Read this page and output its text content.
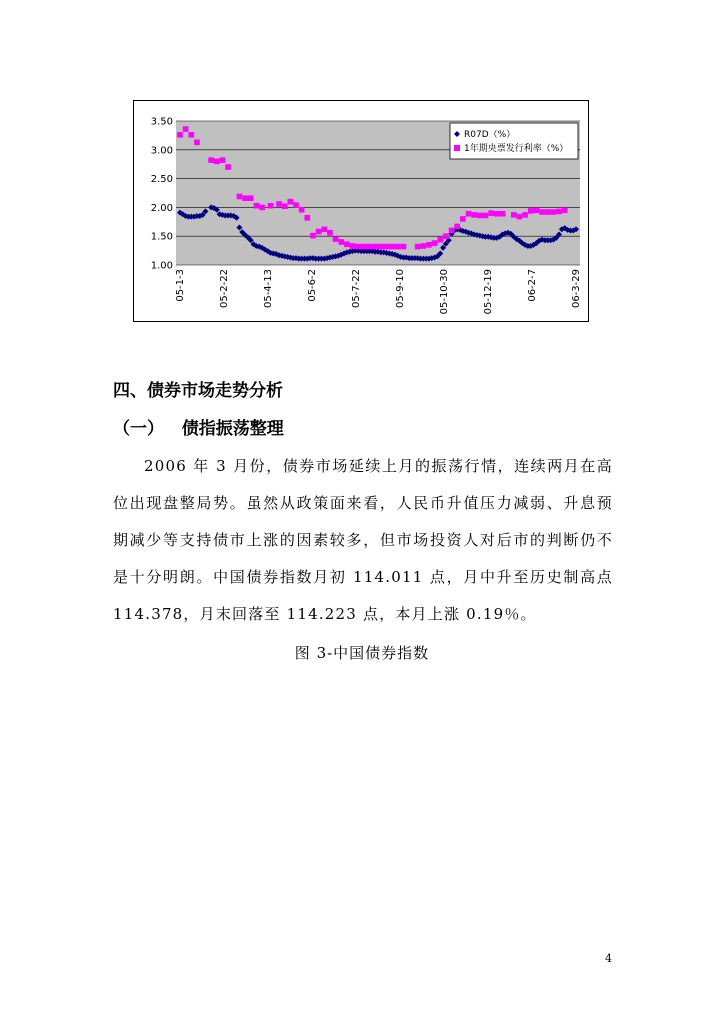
3.50
3.00
2.50
2.00
1.50
1.00
05-1-3	05-2-22	05-4-13	05-6-2	05-7-22	05-9-10	05-10-30	05-12-19	06-2-7	06-3-29
R07D（%）
1年期央票发行利率（%）
四、债券市场走势分析
（一）   债指振荡整理
2006 年 3 月份，债券市场延续上月的振荡行情，连续两月在高
位出现盘整局势。虽然从政策面来看，人民币升值压力减弱、升息预
期减少等支持债市上涨的因素较多，但市场投资人对后市的判断仍不
是十分明朗。中国债券指数月初 114.011 点，月中升至历史制高点
114.378，月末回落至 114.223 点，本月上涨 0.19％。
图 3-中国债券指数
4
